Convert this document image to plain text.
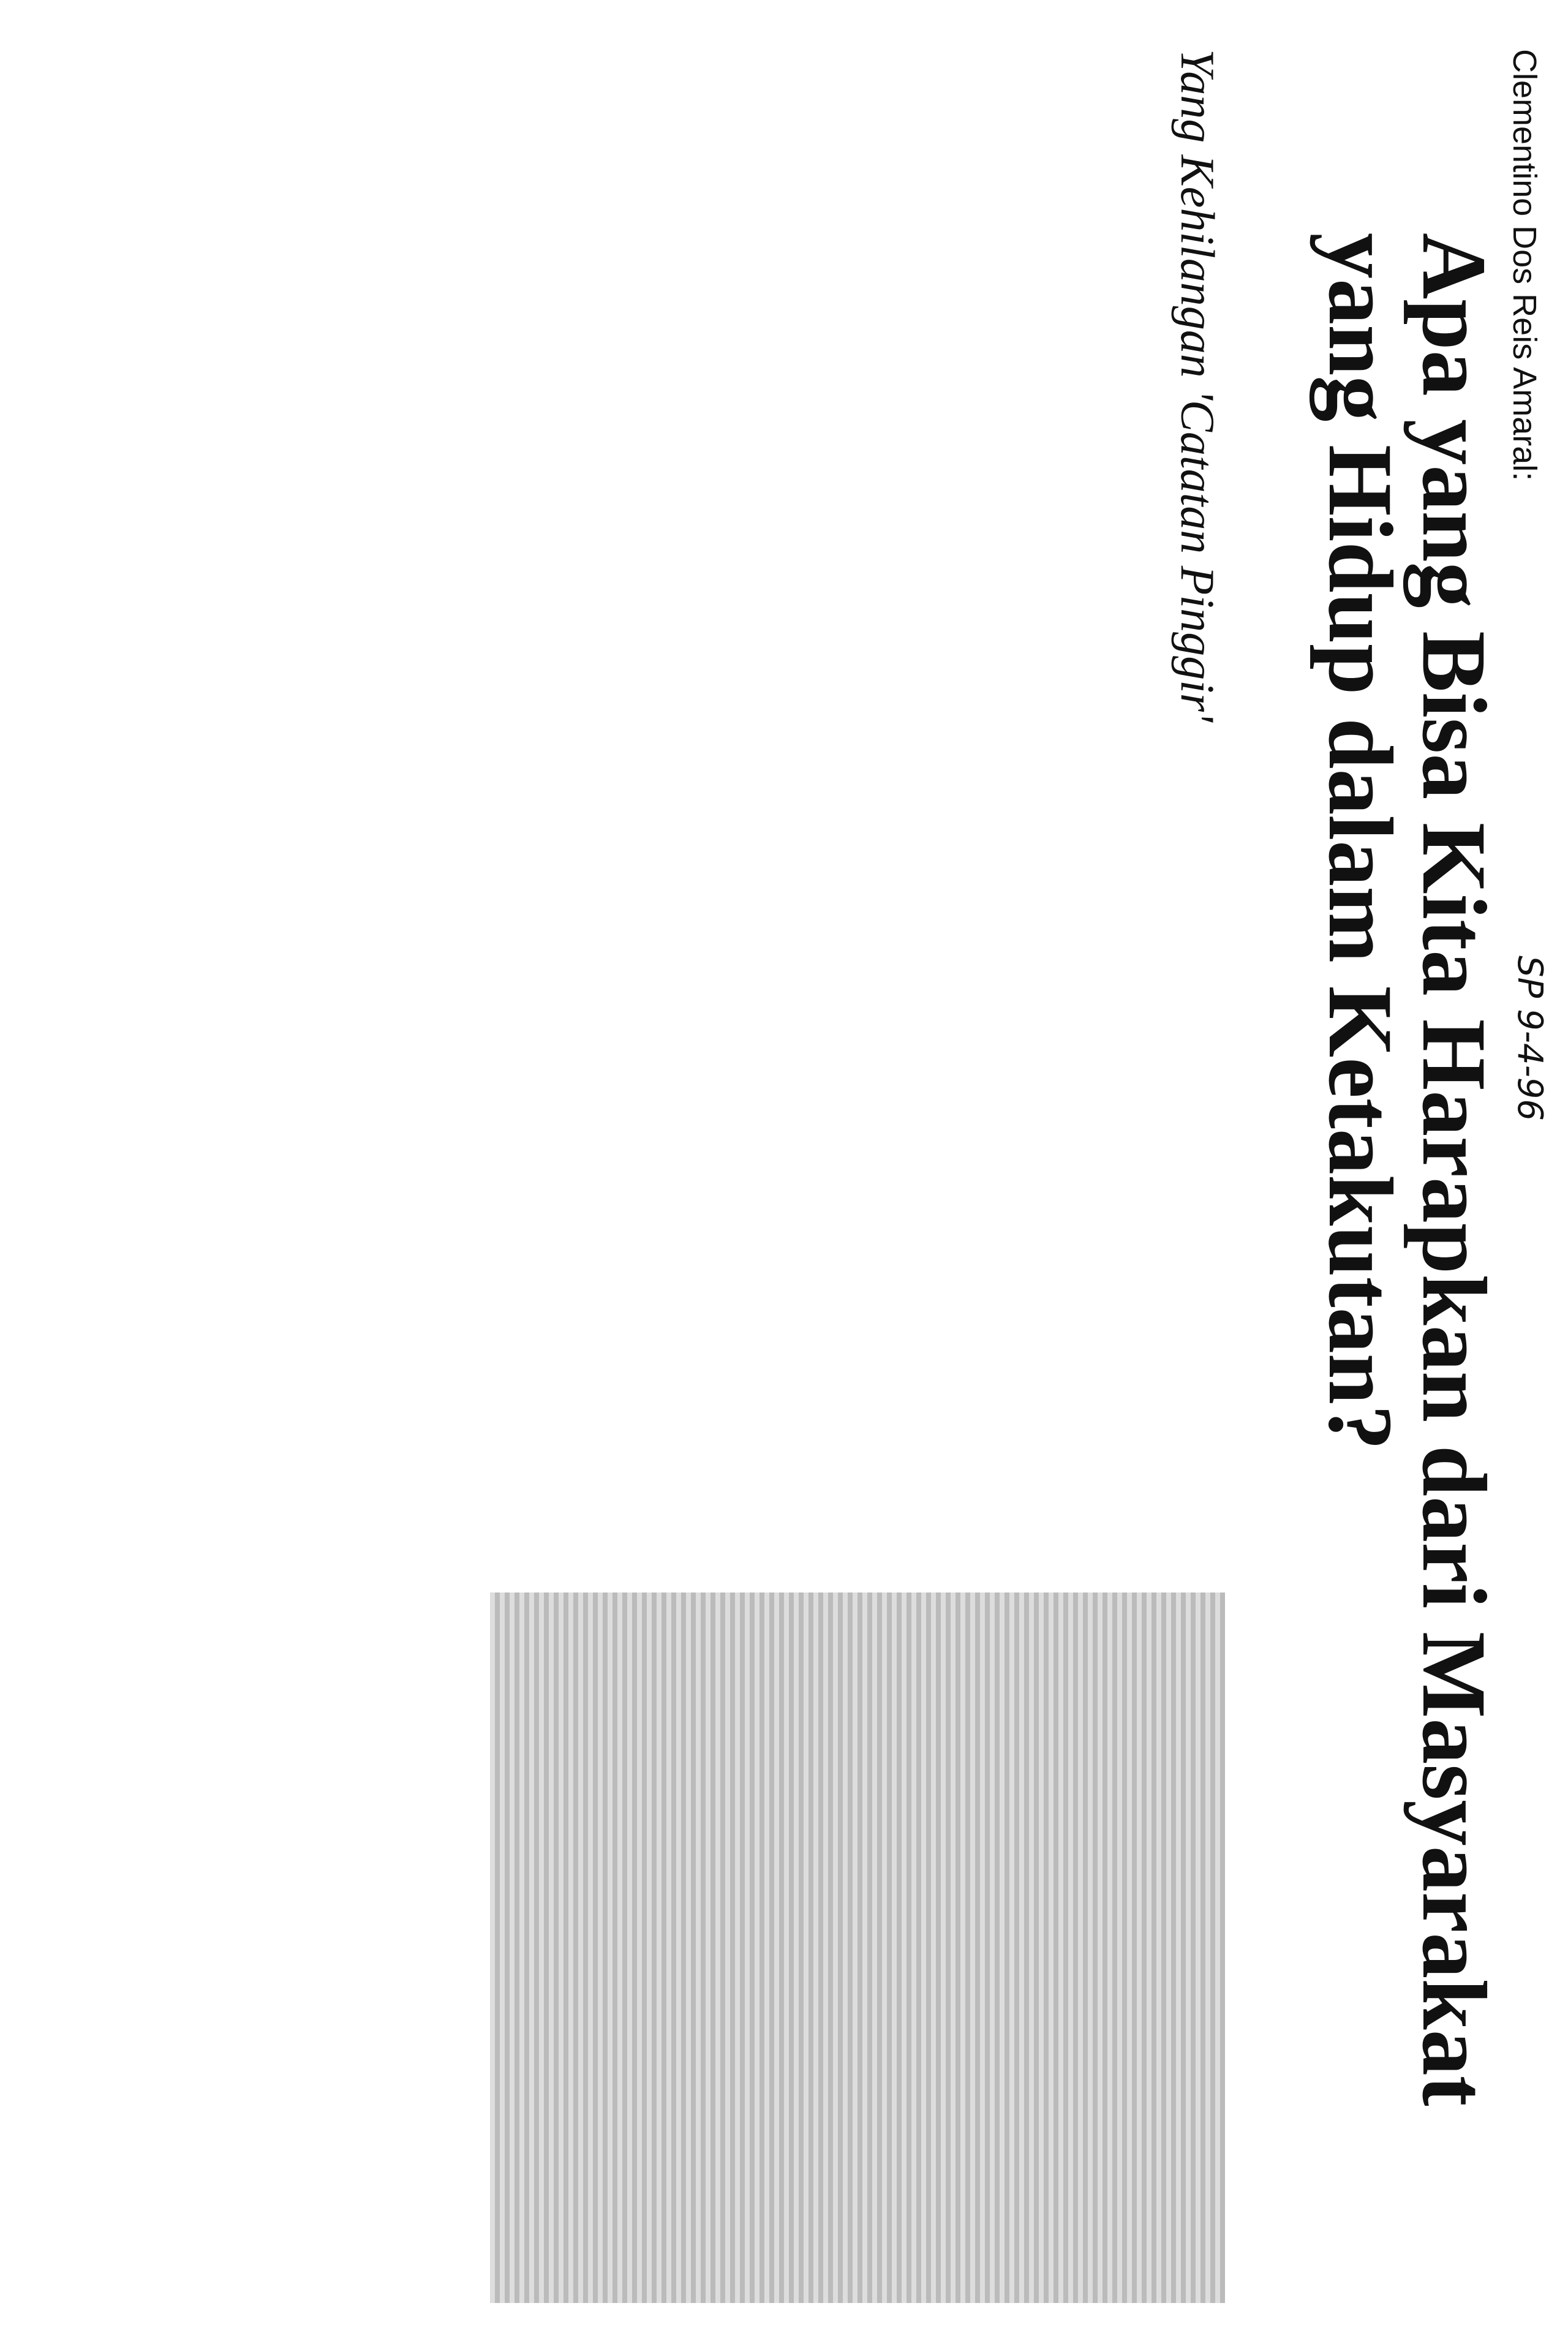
Clementino Dos Reis Amaral:
SP 9-4-96
Apa yang Bisa Kita Harapkan dari Masyarakat yang Hidup dalam Ketakutan?
Yang Kehilangan 'Catatan Pinggir'
